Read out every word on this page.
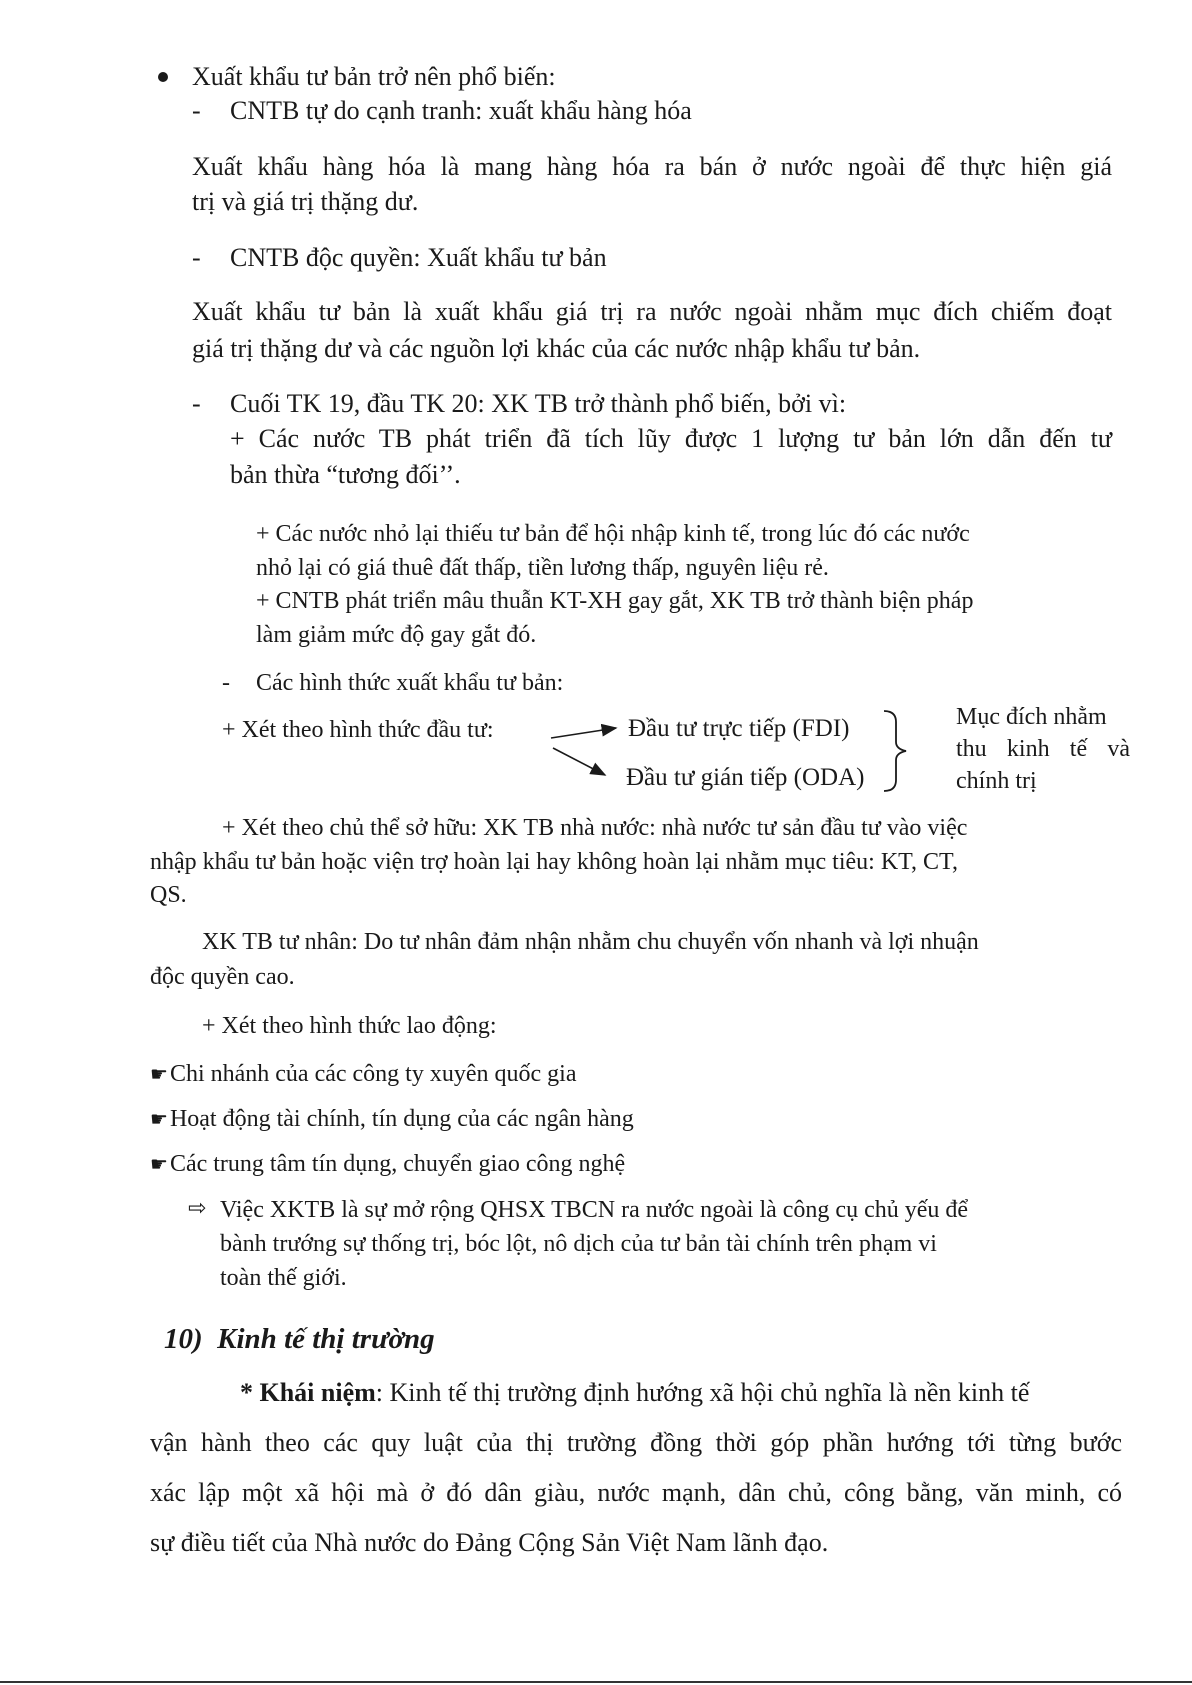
Xuất khẩu tư bản trở nên phổ biến:
- CNTB tự do cạnh tranh: xuất khẩu hàng hóa
Xuất khẩu hàng hóa là mang hàng hóa ra bán ở nước ngoài để thực hiện giá
trị và giá trị thặng dư.
- CNTB độc quyền: Xuất khẩu tư bản
Xuất khẩu tư bản là xuất khẩu giá trị ra nước ngoài nhằm mục đích chiếm đoạt
giá trị thặng dư và các nguồn lợi khác của các nước nhập khẩu tư bản.
- Cuối TK 19, đầu TK 20: XK TB trở thành phổ biến, bởi vì:
+ Các nước TB phát triển đã tích lũy được 1 lượng tư bản lớn dẫn đến tư
bản thừa “tương đối’’.
+ Các nước nhỏ lại thiếu tư bản để hội nhập kinh tế, trong lúc đó các nước
nhỏ lại có giá thuê đất thấp, tiền lương thấp, nguyên liệu rẻ.
+ CNTB phát triển mâu thuẫn KT-XH gay gắt, XK TB trở thành biện pháp
làm giảm mức độ gay gắt đó.
- Các hình thức xuất khẩu tư bản:
+ Xét theo hình thức đầu tư:	Đầu tư trực tiếp (FDI)
Đầu tư gián tiếp (ODA)
Mục đích nhằm
thu kinh tế và
chính trị
+ Xét theo chủ thể sở hữu: XK TB nhà nước: nhà nước tư sản đầu tư vào việc
nhập khẩu tư bản hoặc viện trợ hoàn lại hay không hoàn lại nhằm mục tiêu: KT, CT,
QS.
XK TB tư nhân: Do tư nhân đảm nhận nhằm chu chuyển vốn nhanh và lợi nhuận
độc quyền cao.
+ Xét theo hình thức lao động:
☛Chi nhánh của các công ty xuyên quốc gia
☛Hoạt động tài chính, tín dụng của các ngân hàng
☛Các trung tâm tín dụng, chuyển giao công nghệ
⇨ Việc XKTB là sự mở rộng QHSX TBCN ra nước ngoài là công cụ chủ yếu để
bành trướng sự thống trị, bóc lột, nô dịch của tư bản tài chính trên phạm vi
toàn thế giới.
10)  Kinh tế thị trường
* Khái niệm: Kinh tế thị trường định hướng xã hội chủ nghĩa là nền kinh tế
vận hành theo các quy luật của thị trường đồng thời góp phần hướng tới từng bước
xác lập một xã hội mà ở đó dân giàu, nước mạnh, dân chủ, công bằng, văn minh, có
sự điều tiết của Nhà nước do Đảng Cộng Sản Việt Nam lãnh đạo.
